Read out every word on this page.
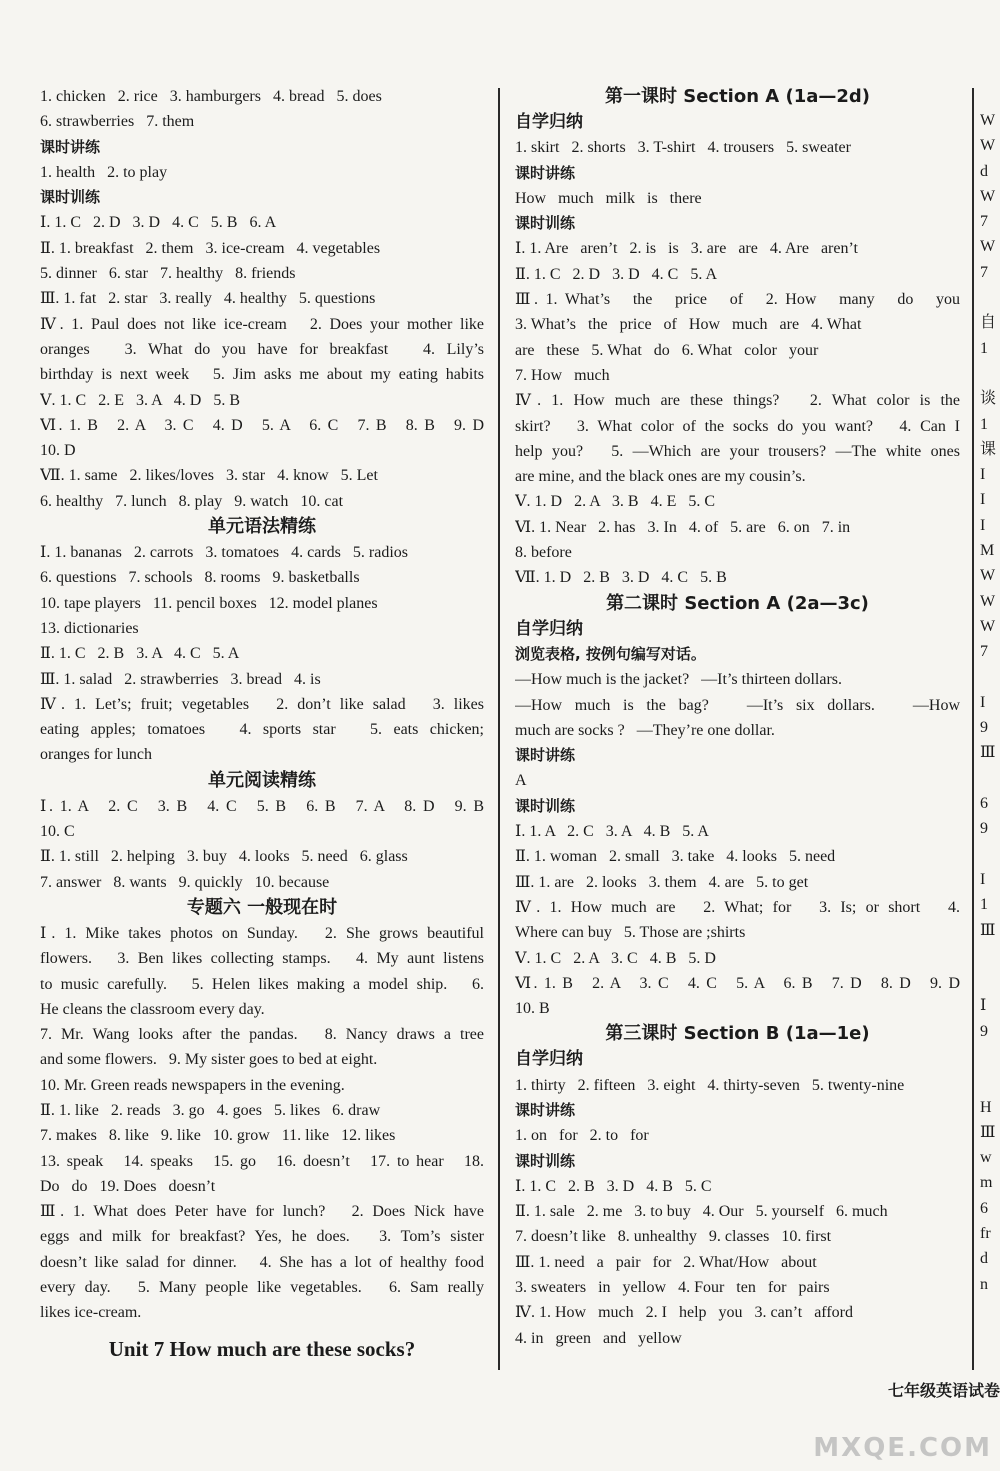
1. chicken   2. rice   3. hamburgers   4. bread   5. does
6. strawberries   7. them
课时讲练
1. health   2. to play
课时训练
Ⅰ. 1. C   2. D   3. D   4. C   5. B   6. A
Ⅱ. 1. breakfast   2. them   3. ice-cream   4. vegetables
5. dinner   6. star   7. healthy   8. friends
Ⅲ. 1. fat   2. star   3. really   4. healthy   5. questions
Ⅳ. 1. Paul does not like ice-cream   2. Does your mother like
oranges   3. What do you have for breakfast   4. Lily’s
birthday is next week   5. Jim asks me about my eating habits
Ⅴ. 1. C   2. E   3. A   4. D   5. B
Ⅵ. 1. B   2. A   3. C   4. D   5. A   6. C   7. B   8. B   9. D
10. D
Ⅶ. 1. same   2. likes/loves   3. star   4. know   5. Let
6. healthy   7. lunch   8. play   9. watch   10. cat
单元语法精练
Ⅰ. 1. bananas   2. carrots   3. tomatoes   4. cards   5. radios
6. questions   7. schools   8. rooms   9. basketballs
10. tape players   11. pencil boxes   12. model planes
13. dictionaries
Ⅱ. 1. C   2. B   3. A   4. C   5. A
Ⅲ. 1. salad   2. strawberries   3. bread   4. is
Ⅳ. 1. Let’s; fruit; vegetables   2. don’t like salad   3. likes
eating apples; tomatoes   4. sports star   5. eats chicken;
oranges for lunch
单元阅读精练
Ⅰ. 1. A   2. C   3. B   4. C   5. B   6. B   7. A   8. D   9. B
10. C
Ⅱ. 1. still   2. helping   3. buy   4. looks   5. need   6. glass
7. answer   8. wants   9. quickly   10. because
专题六 一般现在时
Ⅰ. 1. Mike takes photos on Sunday.   2. She grows beautiful
flowers.   3. Ben likes collecting stamps.   4. My aunt listens
to music carefully.   5. Helen likes making a model ship.   6.
He cleans the classroom every day.
7. Mr. Wang looks after the pandas.   8. Nancy draws a tree
and some flowers.   9. My sister goes to bed at eight.
10. Mr. Green reads newspapers in the evening.
Ⅱ. 1. like   2. reads   3. go   4. goes   5. likes   6. draw
7. makes   8. like   9. like   10. grow   11. like   12. likes
13. speak   14. speaks   15. go   16. doesn’t   17. to hear   18.
Do   do   19. Does   doesn’t
Ⅲ. 1. What does Peter have for lunch?   2. Does Nick have
eggs and milk for breakfast? Yes, he does.   3. Tom’s sister
doesn’t like salad for dinner.   4. She has a lot of healthy food
every day.   5. Many people like vegetables.   6. Sam really
likes ice-cream.
Unit 7 How much are these socks?
第一课时 Section A (1a—2d)
自学归纳
1. skirt   2. shorts   3. T-shirt   4. trousers   5. sweater
课时讲练
How   much   milk   is   there
课时训练
Ⅰ. 1. Are   aren’t   2. is   is   3. are   are   4. Are   aren’t
Ⅱ. 1. C   2. D   3. D   4. C   5. A
Ⅲ. 1. What’s   the   price   of   2. How   many   do   you
3. What’s   the   price   of   How   much   are   4. What
are   these   5. What   do   6. What   color   your
7. How   much
Ⅳ. 1. How much are these things?   2. What color is the
skirt?   3. What color of the socks do you want?   4. Can I
help you?   5. —Which are your trousers? —The white ones
are mine, and the black ones are my cousin’s.
Ⅴ. 1. D   2. A   3. B   4. E   5. C
Ⅵ. 1. Near   2. has   3. In   4. of   5. are   6. on   7. in
8. before
Ⅶ. 1. D   2. B   3. D   4. C   5. B
第二课时 Section A (2a—3c)
自学归纳
浏览表格, 按例句编写对话。
—How much is the jacket?   —It’s thirteen dollars.
—How much is the bag?   —It’s six dollars.   —How
much are socks ?   —They’re one dollar.
课时讲练
A
课时训练
Ⅰ. 1. A   2. C   3. A   4. B   5. A
Ⅱ. 1. woman   2. small   3. take   4. looks   5. need
Ⅲ. 1. are   2. looks   3. them   4. are   5. to get
Ⅳ. 1. How much are   2. What; for   3. Is; or short   4.
Where can buy   5. Those are ;shirts
Ⅴ. 1. C   2. A   3. C   4. B   5. D
Ⅵ. 1. B   2. A   3. C   4. C   5. A   6. B   7. D   8. D   9. D
10. B
第三课时 Section B (1a—1e)
自学归纳
1. thirty   2. fifteen   3. eight   4. thirty-seven   5. twenty-nine
课时讲练
1. on   for   2. to   for
课时训练
Ⅰ. 1. C   2. B   3. D   4. B   5. C
Ⅱ. 1. sale   2. me   3. to buy   4. Our   5. yourself   6. much
7. doesn’t like   8. unhealthy   9. classes   10. first
Ⅲ. 1. need   a   pair   for   2. What/How   about
3. sweaters   in   yellow   4. Four   ten   for   pairs
Ⅳ. 1. How   much   2. I   help   you   3. can’t   afford
4. in   green   and   yellow
W
W
d
W
7
W
7
自
1
谈
1
课
I
I
I
M
W
W
W
7
I
9
Ⅲ
6
9
I
1
Ⅲ
Ⅰ
9
H
Ⅲ
w
m
6
fr
d
n
七年级英语试卷
MXQE.COM
